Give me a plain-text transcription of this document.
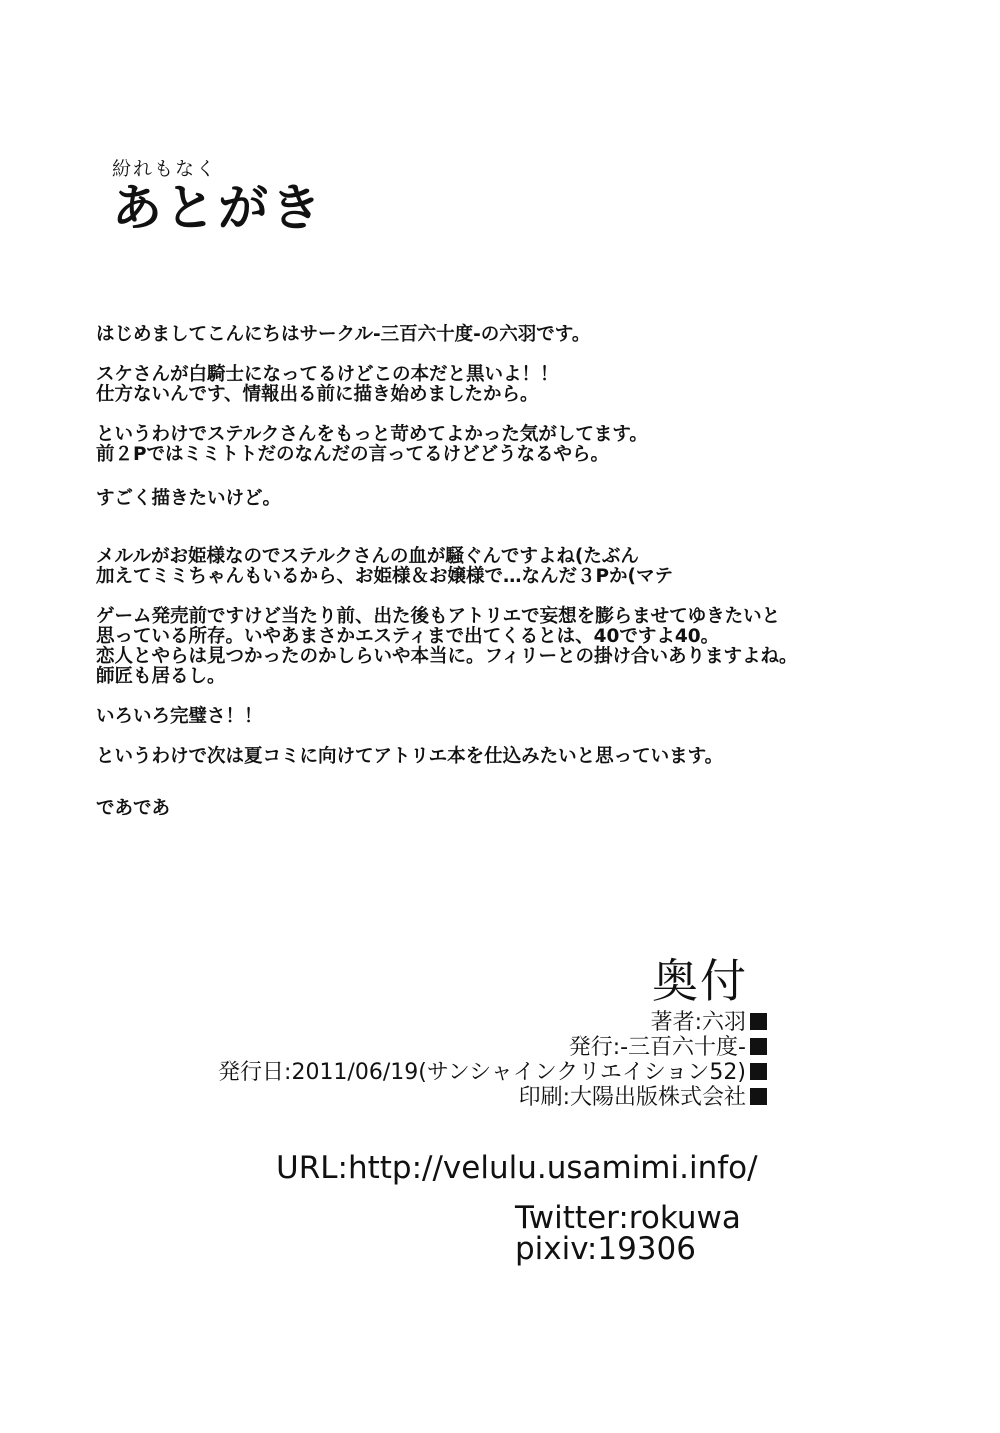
紛れもなく
あとがき

はじめましてこんにちはサークル-三百六十度-の六羽です。

スケさんが白騎士になってるけどこの本だと黒いよ！！
仕方ないんです、情報出る前に描き始めましたから。

というわけでステルクさんをもっと苛めてよかった気がしてます。
前２Pではミミトトだのなんだの言ってるけどどうなるやら。

すごく描きたいけど。

メルルがお姫様なのでステルクさんの血が騒ぐんですよね(たぶん
加えてミミちゃんもいるから、お姫様＆お嬢様で…なんだ３Pか(マテ

ゲーム発売前ですけど当たり前、出た後もアトリエで妄想を膨らませてゆきたいと
思っている所存。いやあまさかエスティまで出てくるとは、40ですよ40。
恋人とやらは見つかったのかしらいや本当に。フィリーとの掛け合いありますよね。
師匠も居るし。

いろいろ完璧さ！！

というわけで次は夏コミに向けてアトリエ本を仕込みたいと思っています。

であであ

奥付
著者:六羽
発行:-三百六十度-
発行日:2011/06/19(サンシャインクリエイション52)
印刷:大陽出版株式会社
URL:http://velulu.usamimi.info/
Twitter:rokuwa
pixiv:19306
